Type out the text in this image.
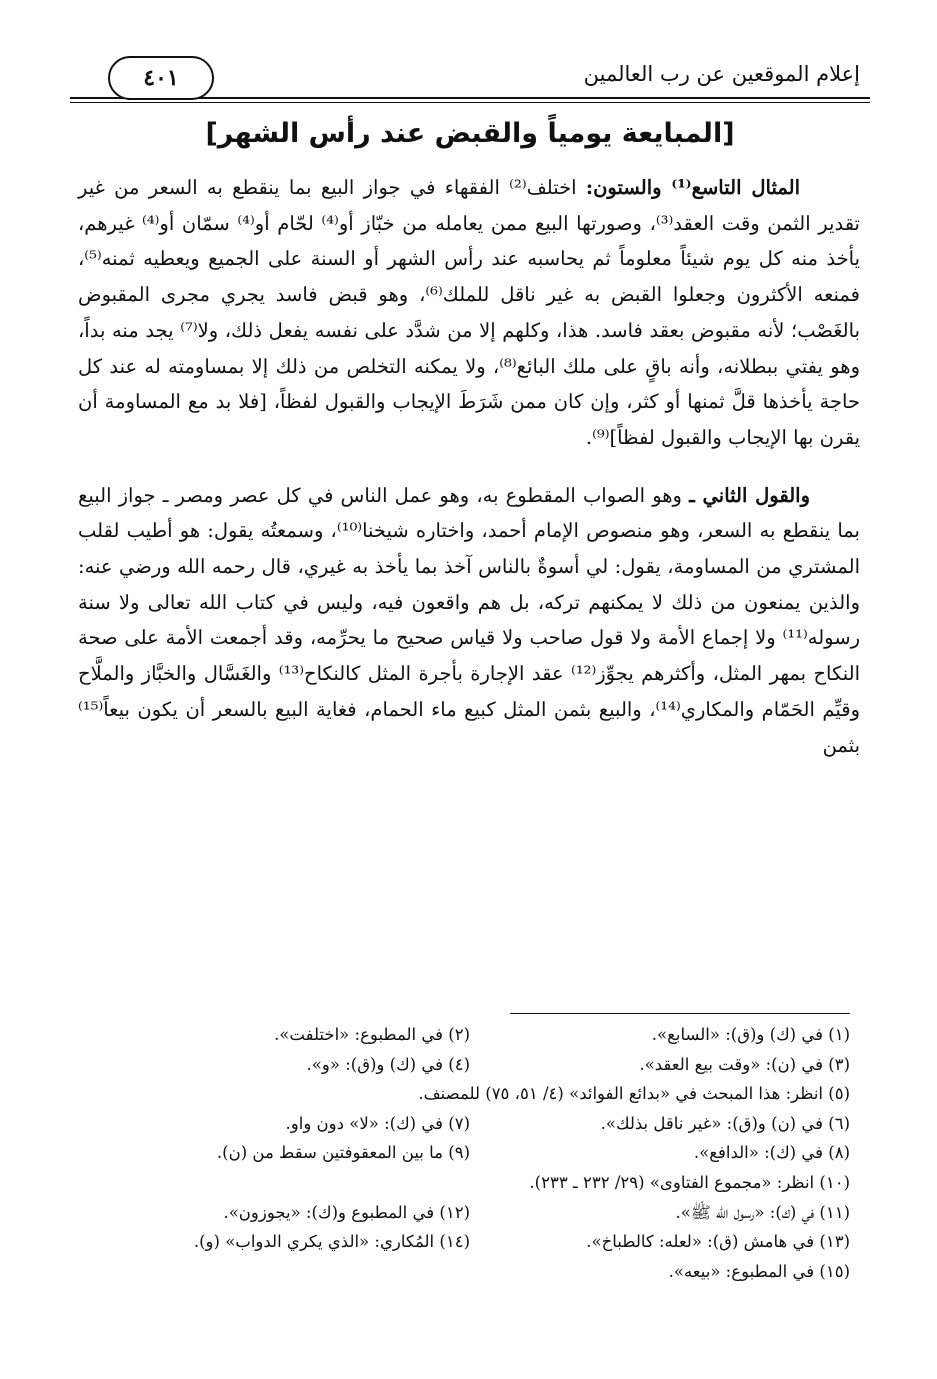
إعلام الموقعين عن رب العالمين
٤٠١
[المبايعة يومياً والقبض عند رأس الشهر]

المثال التاسع⁽¹⁾ والستون: اختلف⁽²⁾ الفقهاء في جواز البيع بما ينقطع به السعر من غير تقدير الثمن وقت العقد⁽³⁾، وصورتها البيع ممن يعامله من خبّاز أو⁽⁴⁾ لحّام أو⁽⁴⁾ سمّان أو⁽⁴⁾ غيرهم، يأخذ منه كل يوم شيئاً معلوماً ثم يحاسبه عند رأس الشهر أو السنة على الجميع ويعطيه ثمنه⁽⁵⁾، فمنعه الأكثرون وجعلوا القبض به غير ناقل للملك⁽⁶⁾، وهو قبض فاسد يجري مجرى المقبوض بالغَصْب؛ لأنه مقبوض بعقد فاسد. هذا، وكلهم إلا من شدَّد على نفسه يفعل ذلك، ولا⁽⁷⁾ يجد منه بداً، وهو يفتي ببطلانه، وأنه باقٍ على ملك البائع⁽⁸⁾، ولا يمكنه التخلص من ذلك إلا بمساومته له عند كل حاجة يأخذها قلَّ ثمنها أو كثر، وإن كان ممن شَرَطَ الإيجاب والقبول لفظاً، [فلا بد مع المساومة أن يقرن بها الإيجاب والقبول لفظاً]⁽⁹⁾.

والقول الثاني ـ وهو الصواب المقطوع به، وهو عمل الناس في كل عصر ومصر ـ جواز البيع بما ينقطع به السعر، وهو منصوص الإمام أحمد، واختاره شيخنا⁽¹⁰⁾، وسمعتُه يقول: هو أطيب لقلب المشتري من المساومة، يقول: لي أسوةٌ بالناس آخذ بما يأخذ به غيري، قال رحمه الله ورضي عنه: والذين يمنعون من ذلك لا يمكنهم تركه، بل هم واقعون فيه، وليس في كتاب الله تعالى ولا سنة رسوله⁽¹¹⁾ ولا إجماع الأمة ولا قول صاحب ولا قياس صحيح ما يحرِّمه، وقد أجمعت الأمة على صحة النكاح بمهر المثل، وأكثرهم يجوِّز⁽¹²⁾ عقد الإجارة بأجرة المثل كالنكاح⁽¹³⁾ والغَسَّال والخبَّاز والملَّاح وقيِّم الحَمّام والمكاري⁽¹⁴⁾، والبيع بثمن المثل كبيع ماء الحمام، فغاية البيع بالسعر أن يكون بيعاً⁽¹⁵⁾ بثمن

(١) في (ك) و(ق): «السابع».
(٢) في المطبوع: «اختلفت».
(٣) في (ن): «وقت بيع العقد».
(٤) في (ك) و(ق): «و».
(٥) انظر: هذا المبحث في «بدائع الفوائد» (٤/ ٥١، ٧٥) للمصنف.
(٦) في (ن) و(ق): «غير ناقل بذلك».
(٧) في (ك): «لا» دون واو.
(٨) في (ك): «الدافع».
(٩) ما بين المعقوفتين سقط من (ن).
(١٠) انظر: «مجموع الفتاوى» (٢٩/ ٢٣٢ ـ ٢٣٣).
(١١) في (ك): «رسول الله ﷺ».
(١٢) في المطبوع و(ك): «يجوزون».
(١٣) في هامش (ق): «لعله: كالطباخ».
(١٤) المُكاري: «الذي يكري الدواب» (و).
(١٥) في المطبوع: «بيعه».
